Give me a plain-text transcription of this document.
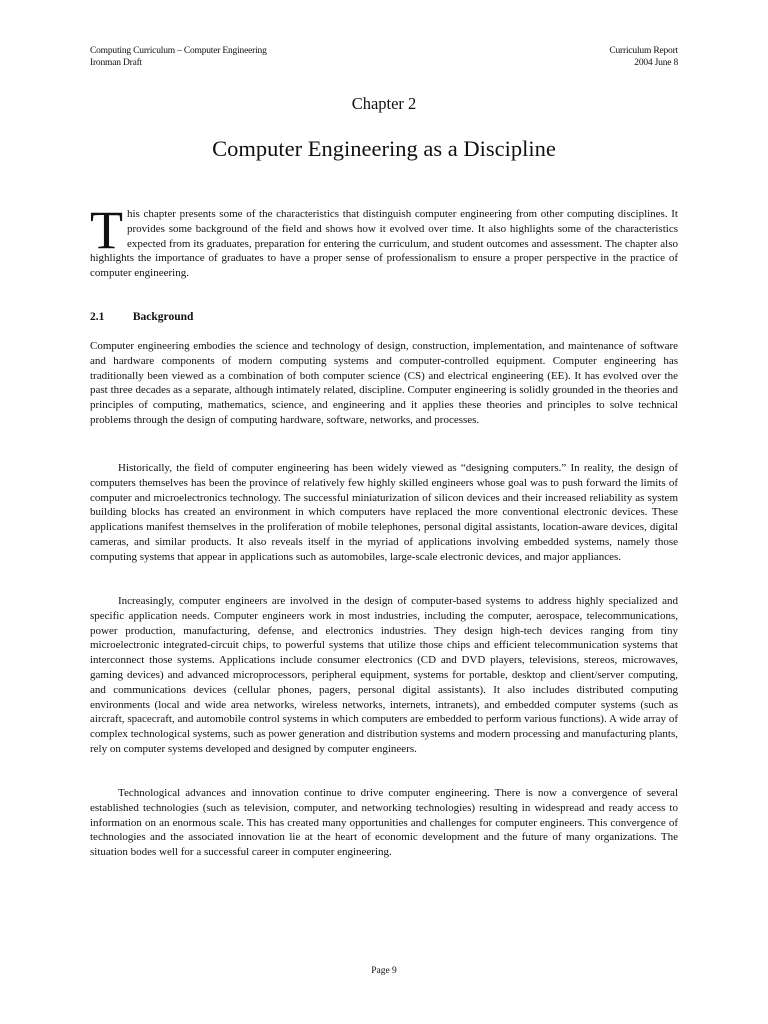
Computing Curriculum – Computer Engineering
Ironman Draft
Curriculum Report
2004 June 8
Chapter 2
Computer Engineering as a Discipline
T his chapter presents some of the characteristics that distinguish computer engineering from other computing disciplines. It provides some background of the field and shows how it evolved over time. It also highlights some of the characteristics expected from its graduates, preparation for entering the curriculum, and student outcomes and assessment. The chapter also highlights the importance of graduates to have a proper sense of professionalism to ensure a proper perspective in the practice of computer engineering.
2.1 Background

Computer engineering embodies the science and technology of design, construction, implementation, and maintenance of software and hardware components of modern computing systems and computer-controlled equipment. Computer engineering has traditionally been viewed as a combination of both computer science (CS) and electrical engineering (EE). It has evolved over the past three decades as a separate, although intimately related, discipline. Computer engineering is solidly grounded in the theories and principles of computing, mathematics, science, and engineering and it applies these theories and principles to solve technical problems through the design of computing hardware, software, networks, and processes.

Historically, the field of computer engineering has been widely viewed as “designing computers.” In reality, the design of computers themselves has been the province of relatively few highly skilled engineers whose goal was to push forward the limits of computer and microelectronics technology. The successful miniaturization of silicon devices and their increased reliability as system building blocks has created an environment in which computers have replaced the more conventional electronic devices. These applications manifest themselves in the proliferation of mobile telephones, personal digital assistants, location-aware devices, digital cameras, and similar products. It also reveals itself in the myriad of applications involving embedded systems, namely those computing systems that appear in applications such as automobiles, large-scale electronic devices, and major appliances.

Increasingly, computer engineers are involved in the design of computer-based systems to address highly specialized and specific application needs. Computer engineers work in most industries, including the computer, aerospace, telecommunications, power production, manufacturing, defense, and electronics industries. They design high-tech devices ranging from tiny microelectronic integrated-circuit chips, to powerful systems that utilize those chips and efficient telecommunication systems that interconnect those systems. Applications include consumer electronics (CD and DVD players, televisions, stereos, microwaves, gaming devices) and advanced microprocessors, peripheral equipment, systems for portable, desktop and client/server computing, and communications devices (cellular phones, pagers, personal digital assistants). It also includes distributed computing environments (local and wide area networks, wireless networks, internets, intranets), and embedded computer systems (such as aircraft, spacecraft, and automobile control systems in which computers are embedded to perform various functions). A wide array of complex technological systems, such as power generation and distribution systems and modern processing and manufacturing plants, rely on computer systems developed and designed by computer engineers.

Technological advances and innovation continue to drive computer engineering. There is now a convergence of several established technologies (such as television, computer, and networking technologies) resulting in widespread and ready access to information on an enormous scale. This has created many opportunities and challenges for computer engineers. This convergence of technologies and the associated innovation lie at the heart of economic development and the future of many organizations. The situation bodes well for a successful career in computer engineering.

Page 9
